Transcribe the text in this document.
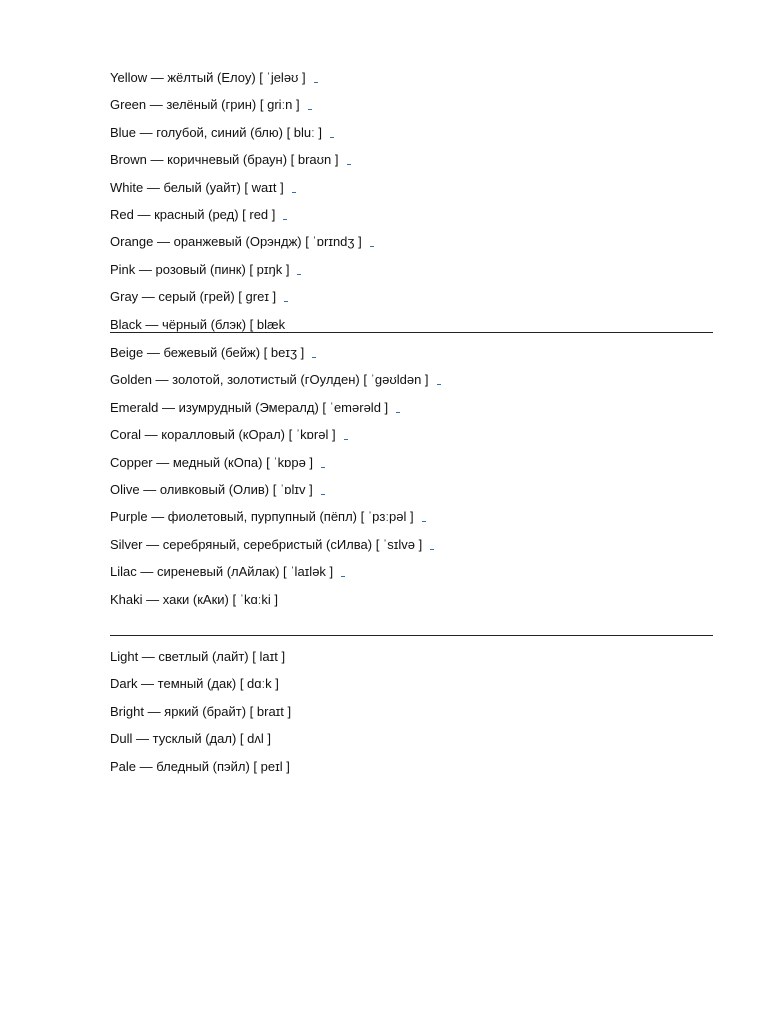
Yellow — жёлтый (Елоу) [ ˈjeləʊ ]
Green — зелёный (грин) [ ɡriːn ]
Blue — голубой, синий (блю) [ bluː ]
Brown — коричневый (браун) [ braʊn ]
White — белый (уайт) [ waɪt ]
Red — красный (ред) [ red ]
Orange — оранжевый (Орэндж) [ ˈɒrɪndʒ ]
Pink — розовый (пинк) [ pɪŋk ]
Gray — серый (грей) [ ɡreɪ ]
Black — чёрный (блэк) [ blæk
Beige — бежевый (бейж) [ beɪʒ ]
Golden — золотой, золотистый (гОулден) [ ˈɡəʊldən ]
Emerald — изумрудный (Эмералд) [ ˈemərəld ]
Coral — коралловый (кОрал) [ ˈkɒrəl ]
Copper — медный (кОпа) [ ˈkɒpə ]
Olive — оливковый (Олив) [ ˈɒlɪv ]
Purple — фиолетовый, пурпупный (пёпл) [ ˈpɜːpəl ]
Silver — серебряный, серебристый (сИлва) [ ˈsɪlvə ]
Lilac — сиреневый (лАйлак) [ ˈlaɪlək ]
Khaki — хаки (кАки) [ ˈkɑːki ]
Light — светлый (лайт) [ laɪt ]
Dark — темный (дак) [ dɑːk ]
Bright — яркий (брайт) [ braɪt ]
Dull — тусклый (дал) [ dʌl ]
Pale — бледный (пэйл) [ peɪl ]
